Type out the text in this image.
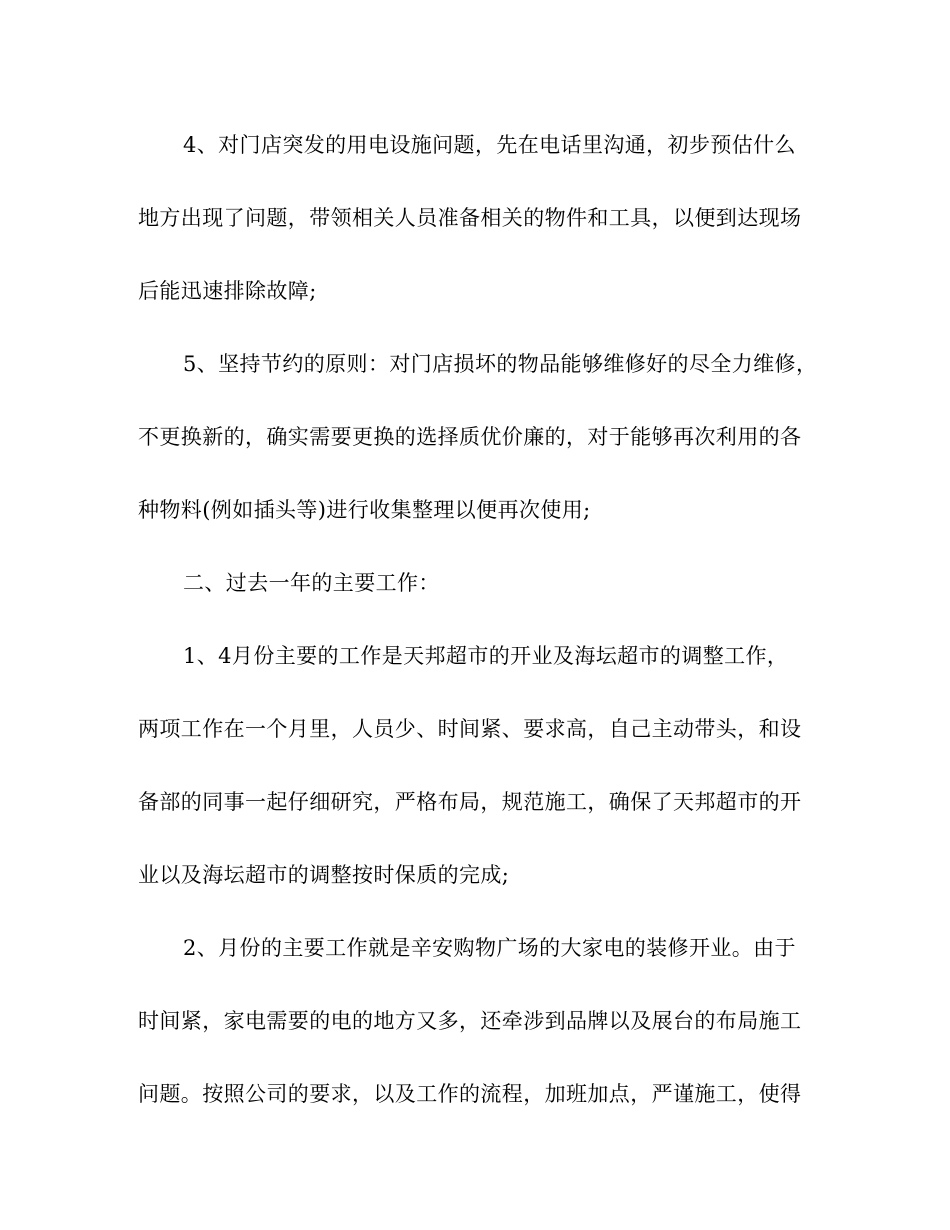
4、对门店突发的用电设施问题，先在电话里沟通，初步预估什么
地方出现了问题，带领相关人员准备相关的物件和工具，以便到达现场
后能迅速排除故障;
5、坚持节约的原则：对门店损坏的物品能够维修好的尽全力维修，
不更换新的，确实需要更换的选择质优价廉的，对于能够再次利用的各
种物料(例如插头等)进行收集整理以便再次使用;
二、过去一年的主要工作：
1、4月份主要的工作是天邦超市的开业及海坛超市的调整工作，
两项工作在一个月里，人员少、时间紧、要求高，自己主动带头，和设
备部的同事一起仔细研究，严格布局，规范施工，确保了天邦超市的开
业以及海坛超市的调整按时保质的完成;
2、月份的主要工作就是辛安购物广场的大家电的装修开业。由于
时间紧，家电需要的电的地方又多，还牵涉到品牌以及展台的布局施工
问题。按照公司的要求，以及工作的流程，加班加点，严谨施工，使得
